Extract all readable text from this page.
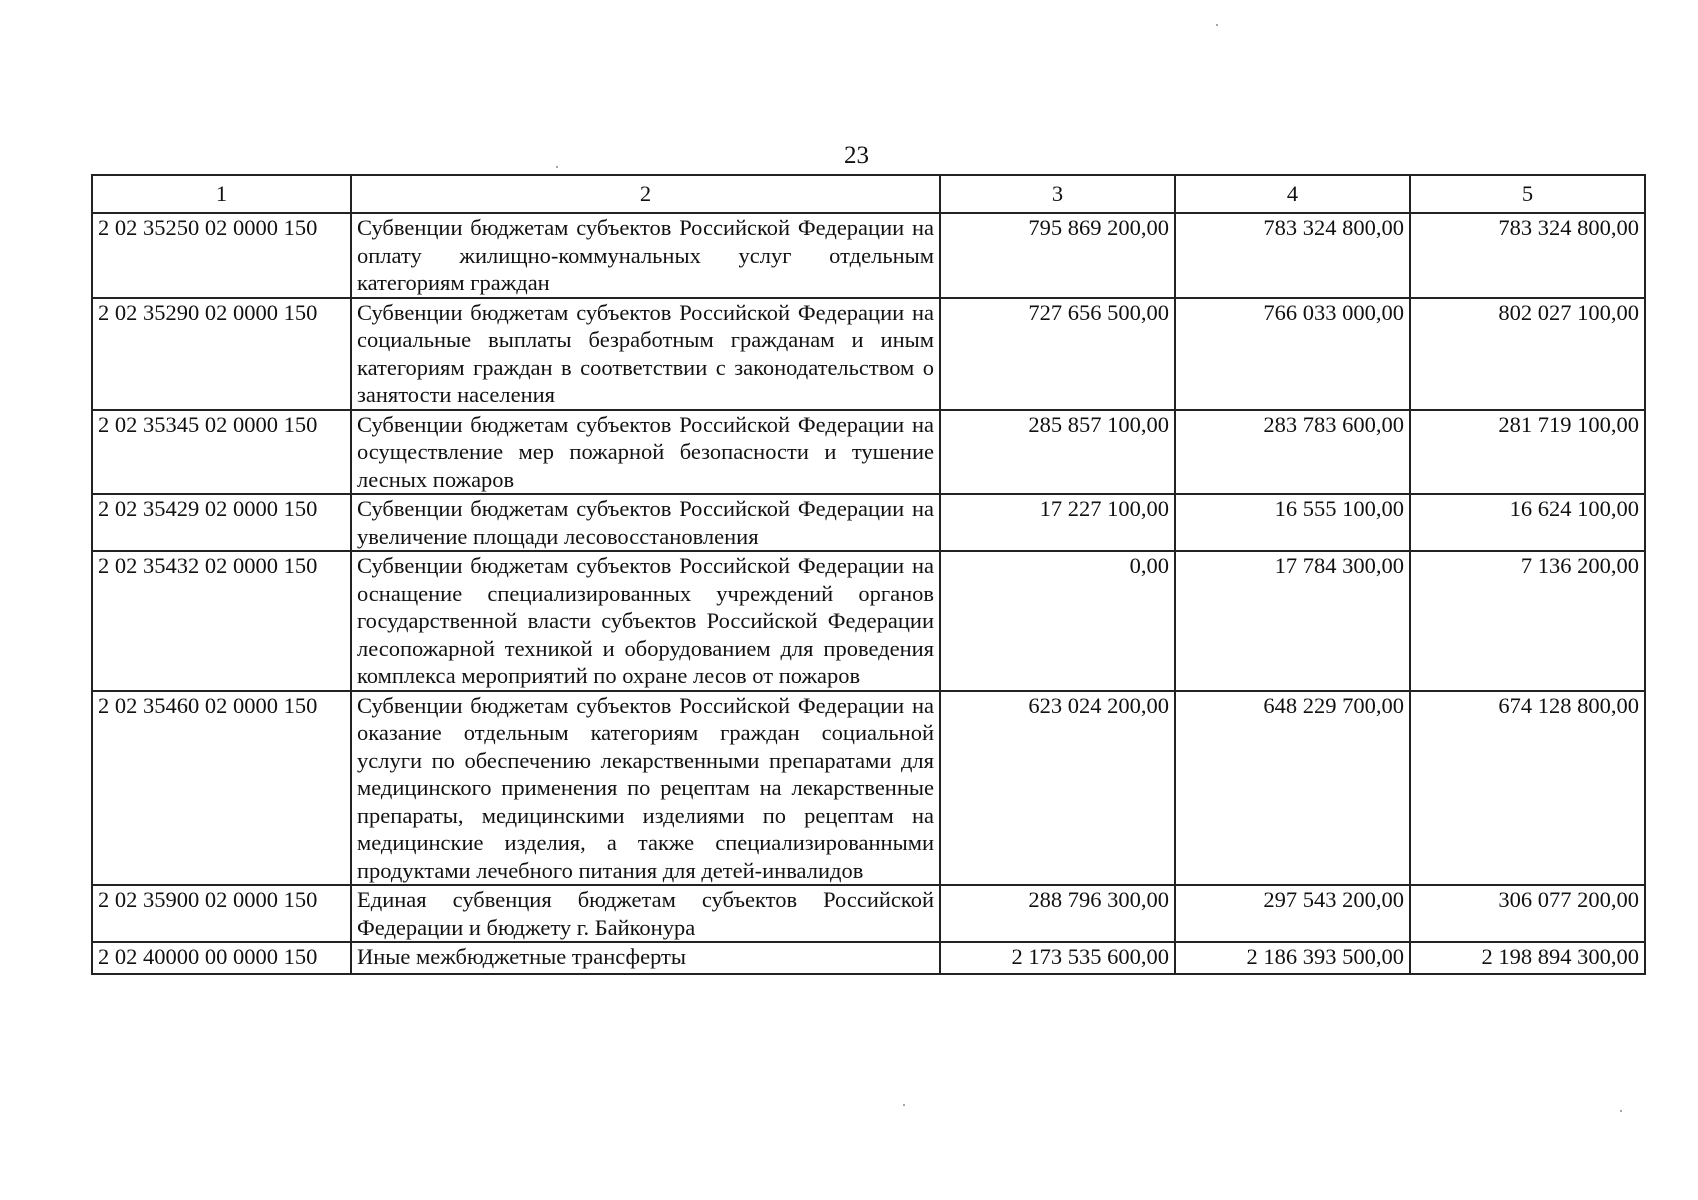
23
1	2	3	4	5
2 02 35250 02 0000 150	Субвенции бюджетам субъектов Российской Федерации на оплату жилищно-коммунальных услуг отдельным категориям граждан	795 869 200,00	783 324 800,00	783 324 800,00
2 02 35290 02 0000 150	Субвенции бюджетам субъектов Российской Федерации на социальные выплаты безработным гражданам и иным категориям граждан в соответствии с законодательством о занятости населения	727 656 500,00	766 033 000,00	802 027 100,00
2 02 35345 02 0000 150	Субвенции бюджетам субъектов Российской Федерации на осуществление мер пожарной безопасности и тушение лесных пожаров	285 857 100,00	283 783 600,00	281 719 100,00
2 02 35429 02 0000 150	Субвенции бюджетам субъектов Российской Федерации на увеличение площади лесовосстановления	17 227 100,00	16 555 100,00	16 624 100,00
2 02 35432 02 0000 150	Субвенции бюджетам субъектов Российской Федерации на оснащение специализированных учреждений органов государственной власти субъектов Российской Федерации лесопожарной техникой и оборудованием для проведения комплекса мероприятий по охране лесов от пожаров	0,00	17 784 300,00	7 136 200,00
2 02 35460 02 0000 150	Субвенции бюджетам субъектов Российской Федерации на оказание отдельным категориям граждан социальной услуги по обеспечению лекарственными препаратами для медицинского применения по рецептам на лекарственные препараты, медицинскими изделиями по рецептам на медицинские изделия, а также специализированными продуктами лечебного питания для детей-инвалидов	623 024 200,00	648 229 700,00	674 128 800,00
2 02 35900 02 0000 150	Единая субвенция бюджетам субъектов Российской Федерации и бюджету г. Байконура	288 796 300,00	297 543 200,00	306 077 200,00
2 02 40000 00 0000 150	Иные межбюджетные трансферты	2 173 535 600,00	2 186 393 500,00	2 198 894 300,00
